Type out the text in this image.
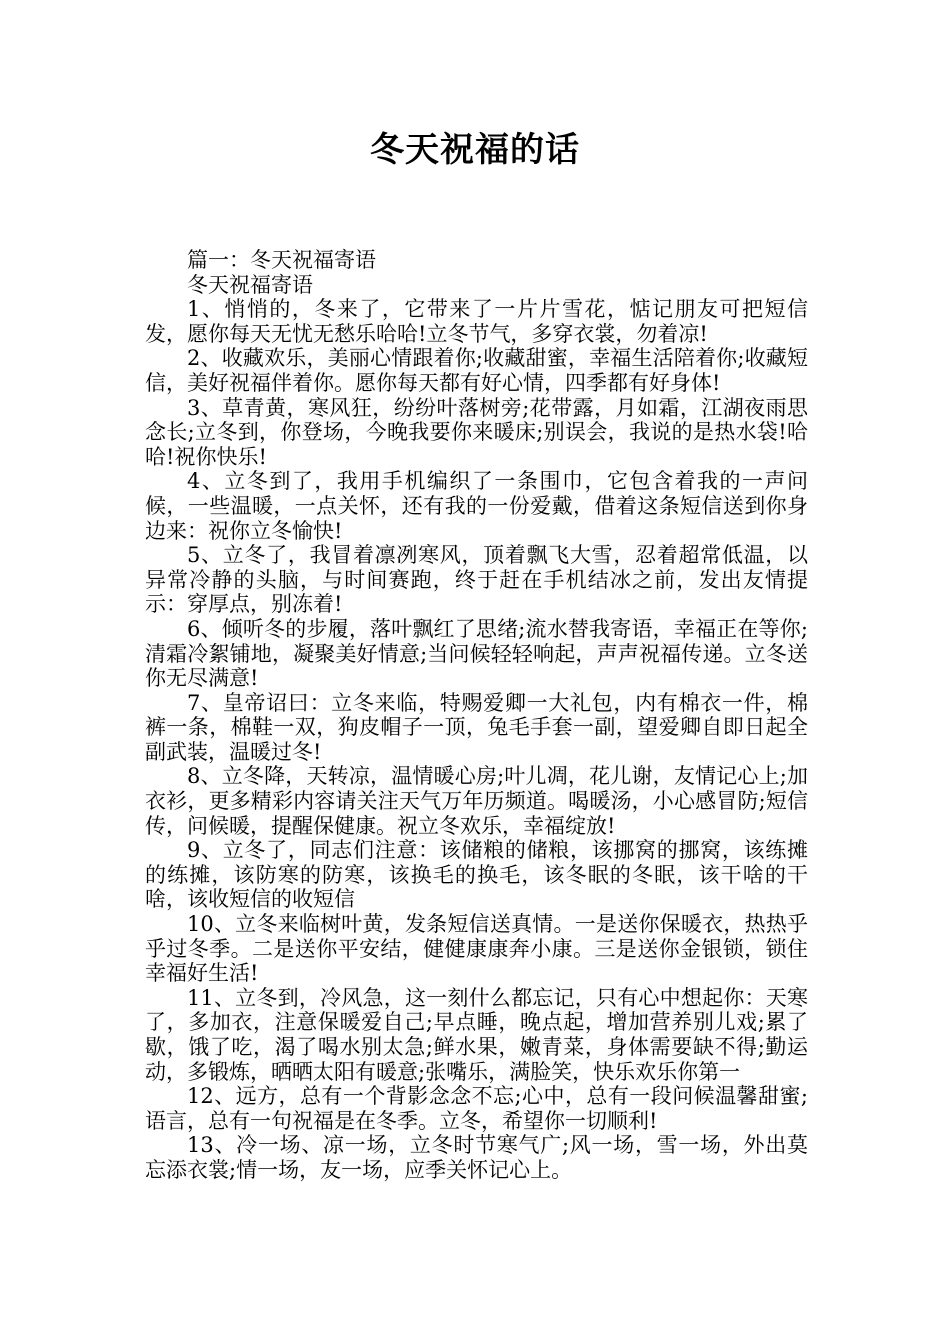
冬天祝福的话

篇一：冬天祝福寄语

冬天祝福寄语

1、悄悄的，冬来了，它带来了一片片雪花，惦记朋友可把短信发，愿你每天无忧无愁乐哈哈!立冬节气，多穿衣裳，勿着凉!

2、收藏欢乐，美丽心情跟着你;收藏甜蜜，幸福生活陪着你;收藏短信，美好祝福伴着你。愿你每天都有好心情，四季都有好身体!

3、草青黄，寒风狂，纷纷叶落树旁;花带露，月如霜，江湖夜雨思念长;立冬到，你登场，今晚我要你来暖床;别误会，我说的是热水袋!哈哈!祝你快乐!

4、立冬到了，我用手机编织了一条围巾，它包含着我的一声问候，一些温暖，一点关怀，还有我的一份爱戴，借着这条短信送到你身边来：祝你立冬愉快!

5、立冬了，我冒着凛冽寒风，顶着飘飞大雪，忍着超常低温，以异常冷静的头脑，与时间赛跑，终于赶在手机结冰之前，发出友情提示：穿厚点，别冻着!

6、倾听冬的步履，落叶飘红了思绪;流水替我寄语，幸福正在等你;清霜冷絮铺地，凝聚美好情意;当问候轻轻响起，声声祝福传递。立冬送你无尽满意!

7、皇帝诏曰：立冬来临，特赐爱卿一大礼包，内有棉衣一件，棉裤一条，棉鞋一双，狗皮帽子一顶，兔毛手套一副，望爱卿自即日起全副武装，温暖过冬!

8、立冬降，天转凉，温情暖心房;叶儿凋，花儿谢，友情记心上;加衣衫，更多精彩内容请关注天气万年历频道。喝暖汤，小心感冒防;短信传，问候暖，提醒保健康。祝立冬欢乐，幸福绽放!

9、立冬了，同志们注意：该储粮的储粮，该挪窝的挪窝，该练摊的练摊，该防寒的防寒，该换毛的换毛，该冬眠的冬眠，该干啥的干啥，该收短信的收短信

10、立冬来临树叶黄，发条短信送真情。一是送你保暖衣，热热乎乎过冬季。二是送你平安结，健健康康奔小康。三是送你金银锁，锁住幸福好生活!

11、立冬到，冷风急，这一刻什么都忘记，只有心中想起你：天寒了，多加衣，注意保暖爱自己;早点睡，晚点起，增加营养别儿戏;累了歇，饿了吃，渴了喝水别太急;鲜水果，嫩青菜，身体需要缺不得;勤运动，多锻炼，晒晒太阳有暖意;张嘴乐，满脸笑，快乐欢乐你第一

12、远方，总有一个背影念念不忘;心中，总有一段问候温馨甜蜜;语言，总有一句祝福是在冬季。立冬，希望你一切顺利!

13、冷一场、凉一场，立冬时节寒气广;风一场，雪一场，外出莫忘添衣裳;情一场，友一场，应季关怀记心上。
